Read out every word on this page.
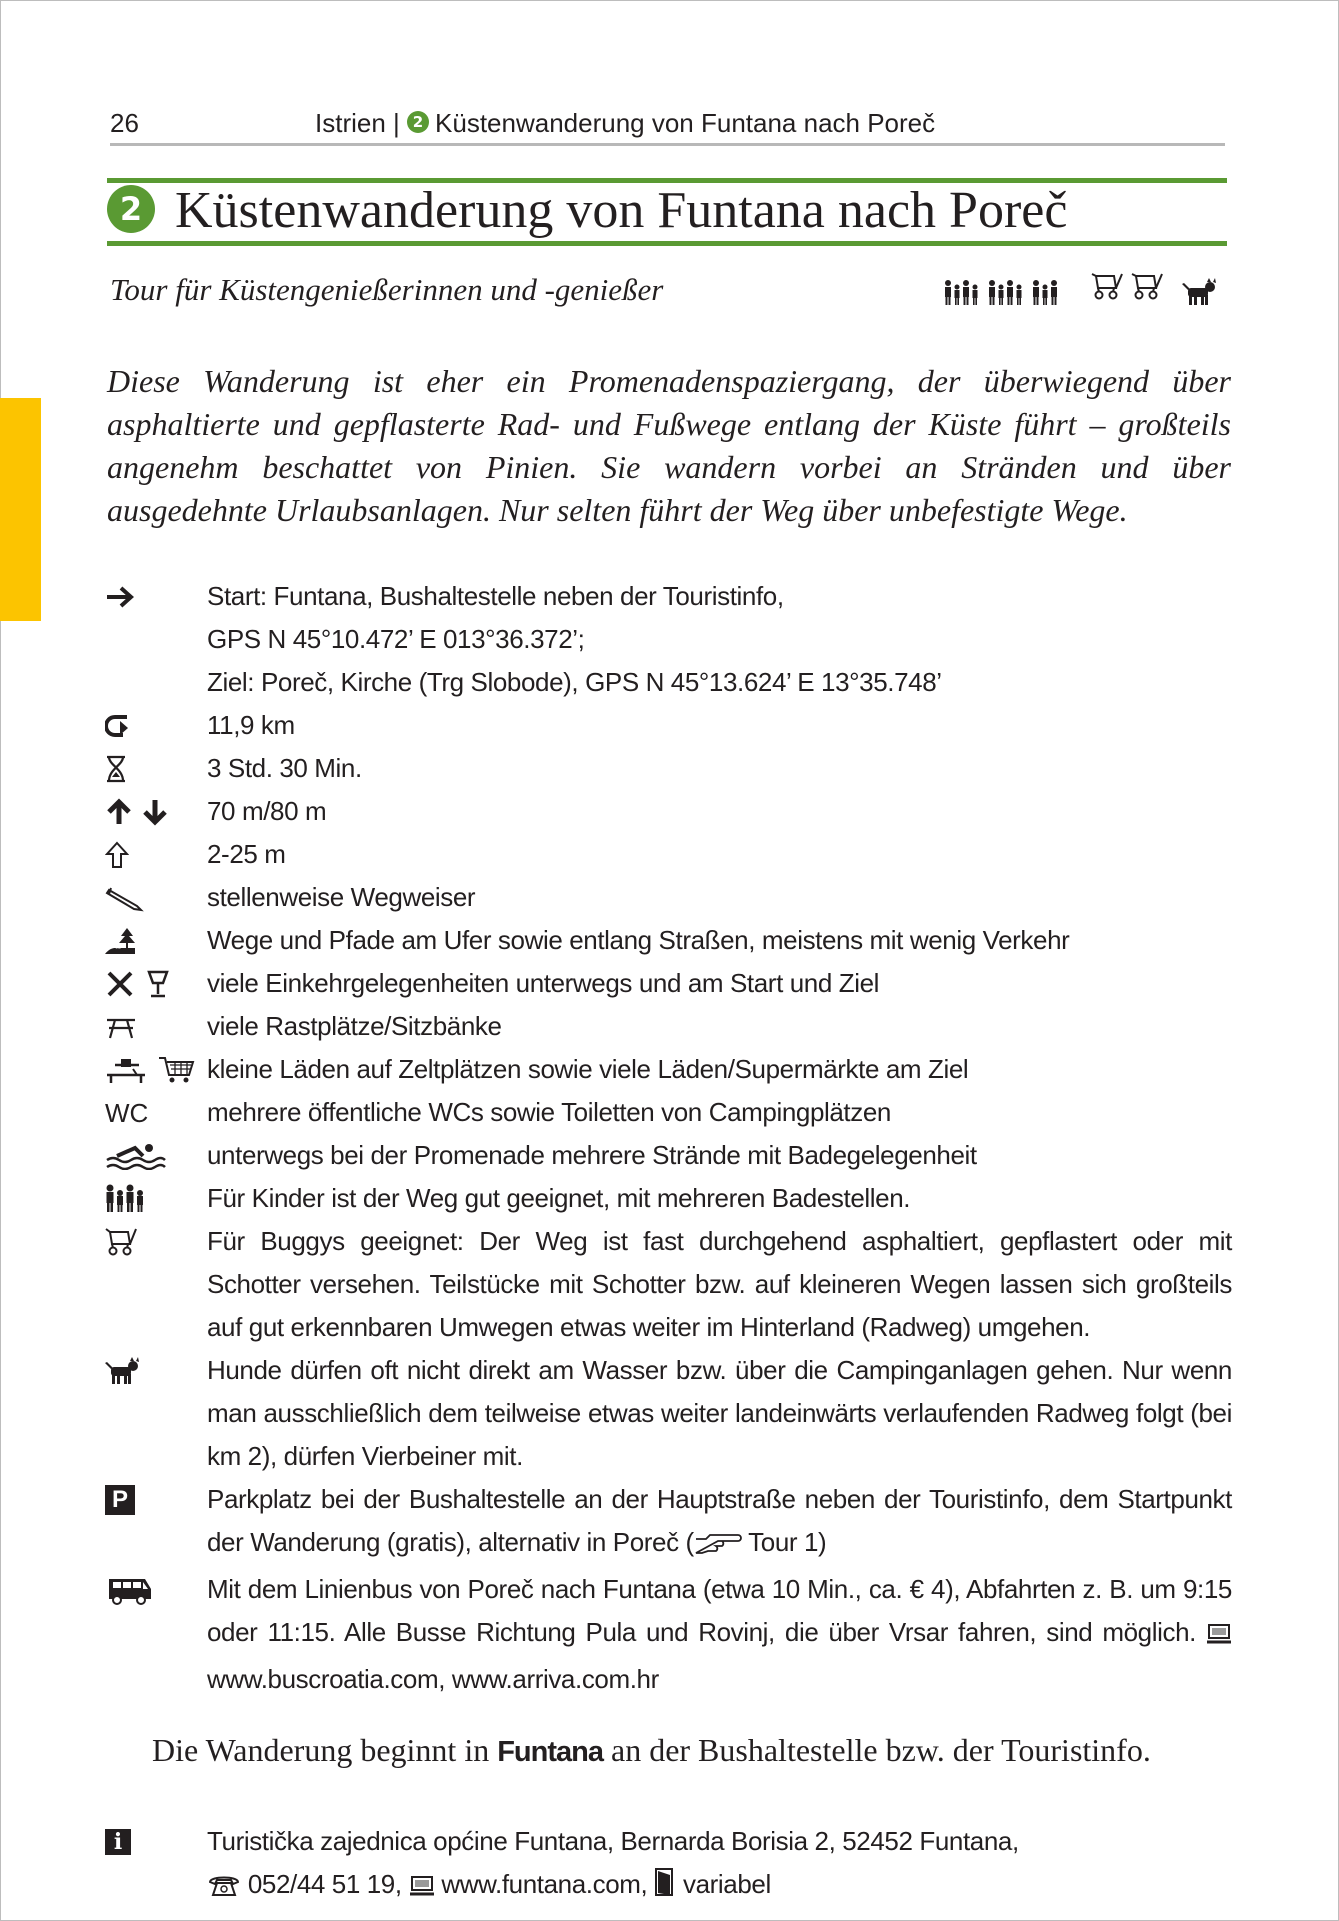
26	Istrien | 2 Küstenwanderung von Funtana nach Poreč
2 Küstenwanderung von Funtana nach Poreč
Tour für Küstengenießerinnen und -genießer
Diese Wanderung ist eher ein Promenadenspaziergang, der überwiegend über asphaltierte und gepflasterte Rad- und Fußwege entlang der Küste führt – großteils angenehm beschattet von Pinien. Sie wandern vorbei an Stränden und über ausgedehnte Urlaubsanlagen. Nur selten führt der Weg über unbefestigte Wege.

Start: Funtana, Bushaltestelle neben der Touristinfo,

GPS N 45°10.472’ E 013°36.372’;

Ziel: Poreč, Kirche (Trg Slobode), GPS N 45°13.624’ E 13°35.748’

11,9 km
3 Std. 30 Min.
70 m/80 m
2-25 m
stellenweise Wegweiser
Wege und Pfade am Ufer sowie entlang Straßen, meistens mit wenig Verkehr
viele Einkehrgelegenheiten unterwegs und am Start und Ziel
viele Rastplätze/Sitzbänke
kleine Läden auf Zeltplätzen sowie viele Läden/Supermärkte am Ziel
WC mehrere öffentliche WCs sowie Toiletten von Campingplätzen
unterwegs bei der Promenade mehrere Strände mit Badegelegenheit
Für Kinder ist der Weg gut geeignet, mit mehreren Badestellen.
Für Buggys geeignet: Der Weg ist fast durchgehend asphaltiert, gepflastert oder mit Schotter versehen. Teilstücke mit Schotter bzw. auf kleineren Wegen lassen sich großteils auf gut erkennbaren Umwegen etwas weiter im Hinterland (Radweg) umgehen.
Hunde dürfen oft nicht direkt am Wasser bzw. über die Campinganlagen gehen. Nur wenn man ausschließlich dem teilweise etwas weiter landeinwärts verlaufenden Radweg folgt (bei km 2), dürfen Vierbeiner mit.
P	Parkplatz bei der Bushaltestelle an der Hauptstraße neben der Touristinfo, dem Startpunkt der Wanderung (gratis), alternativ in Poreč ( Tour 1)
Mit dem Linienbus von Poreč nach Funtana (etwa 10 Min., ca. € 4), Abfahrten z. B. um 9:15 oder 11:15. Alle Busse Richtung Pula und Rovinj, die über Vrsar fahren, sind möglich.  www.buscroatia.com, www.arriva.com.hr
Die Wanderung beginnt in Funtana an der Bushaltestelle bzw. der Touristinfo.
i	Turistička zajednica općine Funtana, Bernarda Borisia 2, 52452 Funtana,

052/44 51 19, www.funtana.com, variabel
